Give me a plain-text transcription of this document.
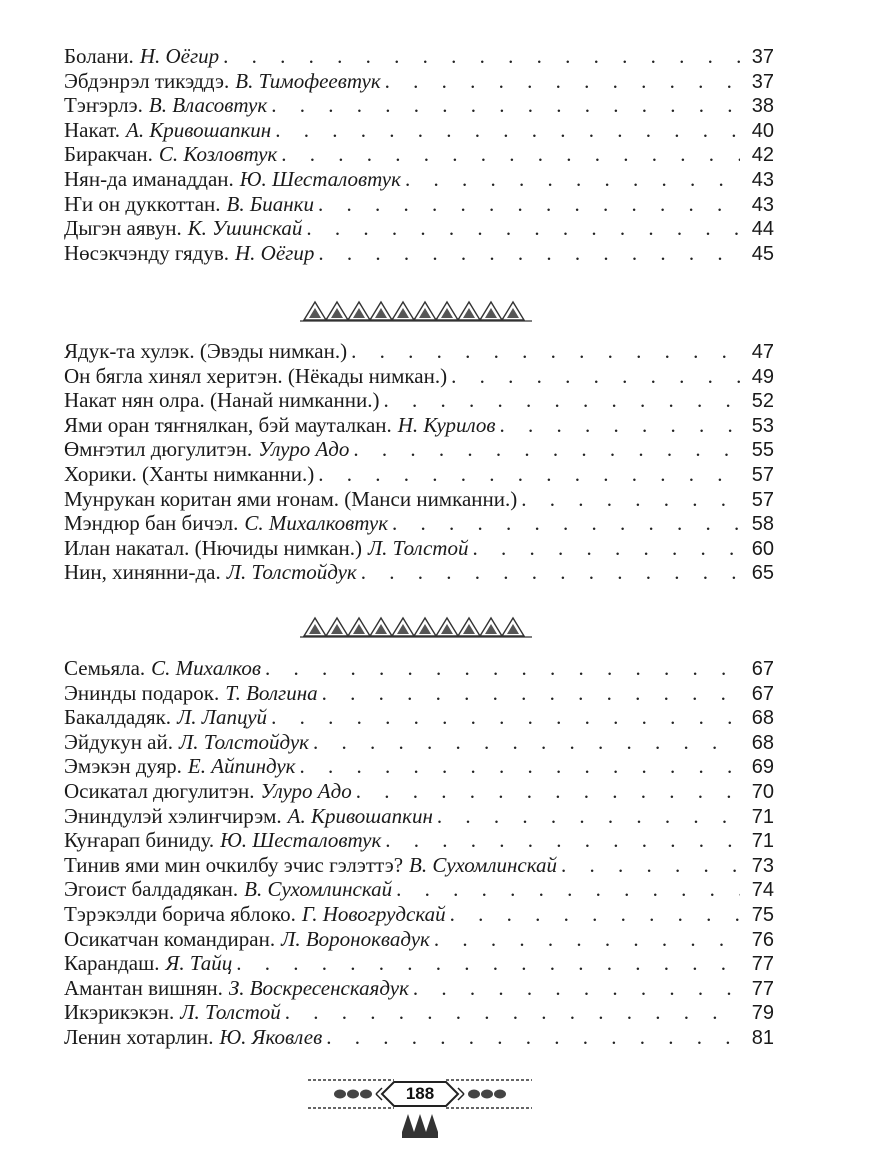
Болани. Н. Оёгир . . .	37
Эбдэнрэл тикэддэ. В. Тимофеевтук . . .	37
Тэҥэрлэ. В. Власовтук . . .	38
Накат. А. Кривошапкин . . .	40
Биракчан. С. Козловтук . . .	42
Нян-да иманаддан. Ю. Шесталовтук . . .	43
Ҥи он дуккоттан. В. Бианки . . .	43
Дыгэн аявун. К. Ушинскай . . .	44
Нөсэкчэнду гядув. Н. Оёгир . . .	45
Ядук-та хулэк. (Эвэды нимкан.) . . .	47
Он бягла хинял херитэн. (Нёкады нимкан.) . . .	49
Накат нян олра. (Нанай нимканни.) . . .	52
Ями оран тяҥнялкан, бэй мауталкан. Н. Курилов . . .	53
Өмҥэтил дюгулитэн. Улуро Адо . . .	55
Хорики. (Ханты нимканни.) . . .	57
Мунрукан коритан ями ҥонам. (Манси нимканни.) . . .	57
Мэндюр бан бичэл. С. Михалковтук . . .	58
Илан накатал. (Нючиды нимкан.) Л. Толстой . . .	60
Нин, хинянни-да. Л. Толстойдук . . .	65
Семьяла. С. Михалков . . .	67
Энинды подарок. Т. Волгина . . .	67
Бакалдадяк. Л. Лапцуй . . .	68
Эйдукун ай. Л. Толстойдук . . .	68
Эмэкэн дуяр. Е. Айпиндук . . .	69
Осикатал дюгулитэн. Улуро Адо . . .	70
Эниндулэй хэлиҥчирэм. А. Кривошапкин . . .	71
Куҥарап биниду. Ю. Шесталовтук . . .	71
Тинив ями мин очкилбу эчис гэлэттэ? В. Сухомлинскай . . .	73
Эгоист балдадякан. В. Сухомлинскай . . .	74
Тэрэкэлди борича яблоко. Г. Новогрудскай . . .	75
Осикатчан командиран. Л. Вороноквадук . . .	76
Карандаш. Я. Тайц . . .	77
Амантан вишнян. З. Воскресенскаядук . . .	77
Икэрикэкэн. Л. Толстой . . .	79
Ленин хотарлин. Ю. Яковлев . . .	81
188
